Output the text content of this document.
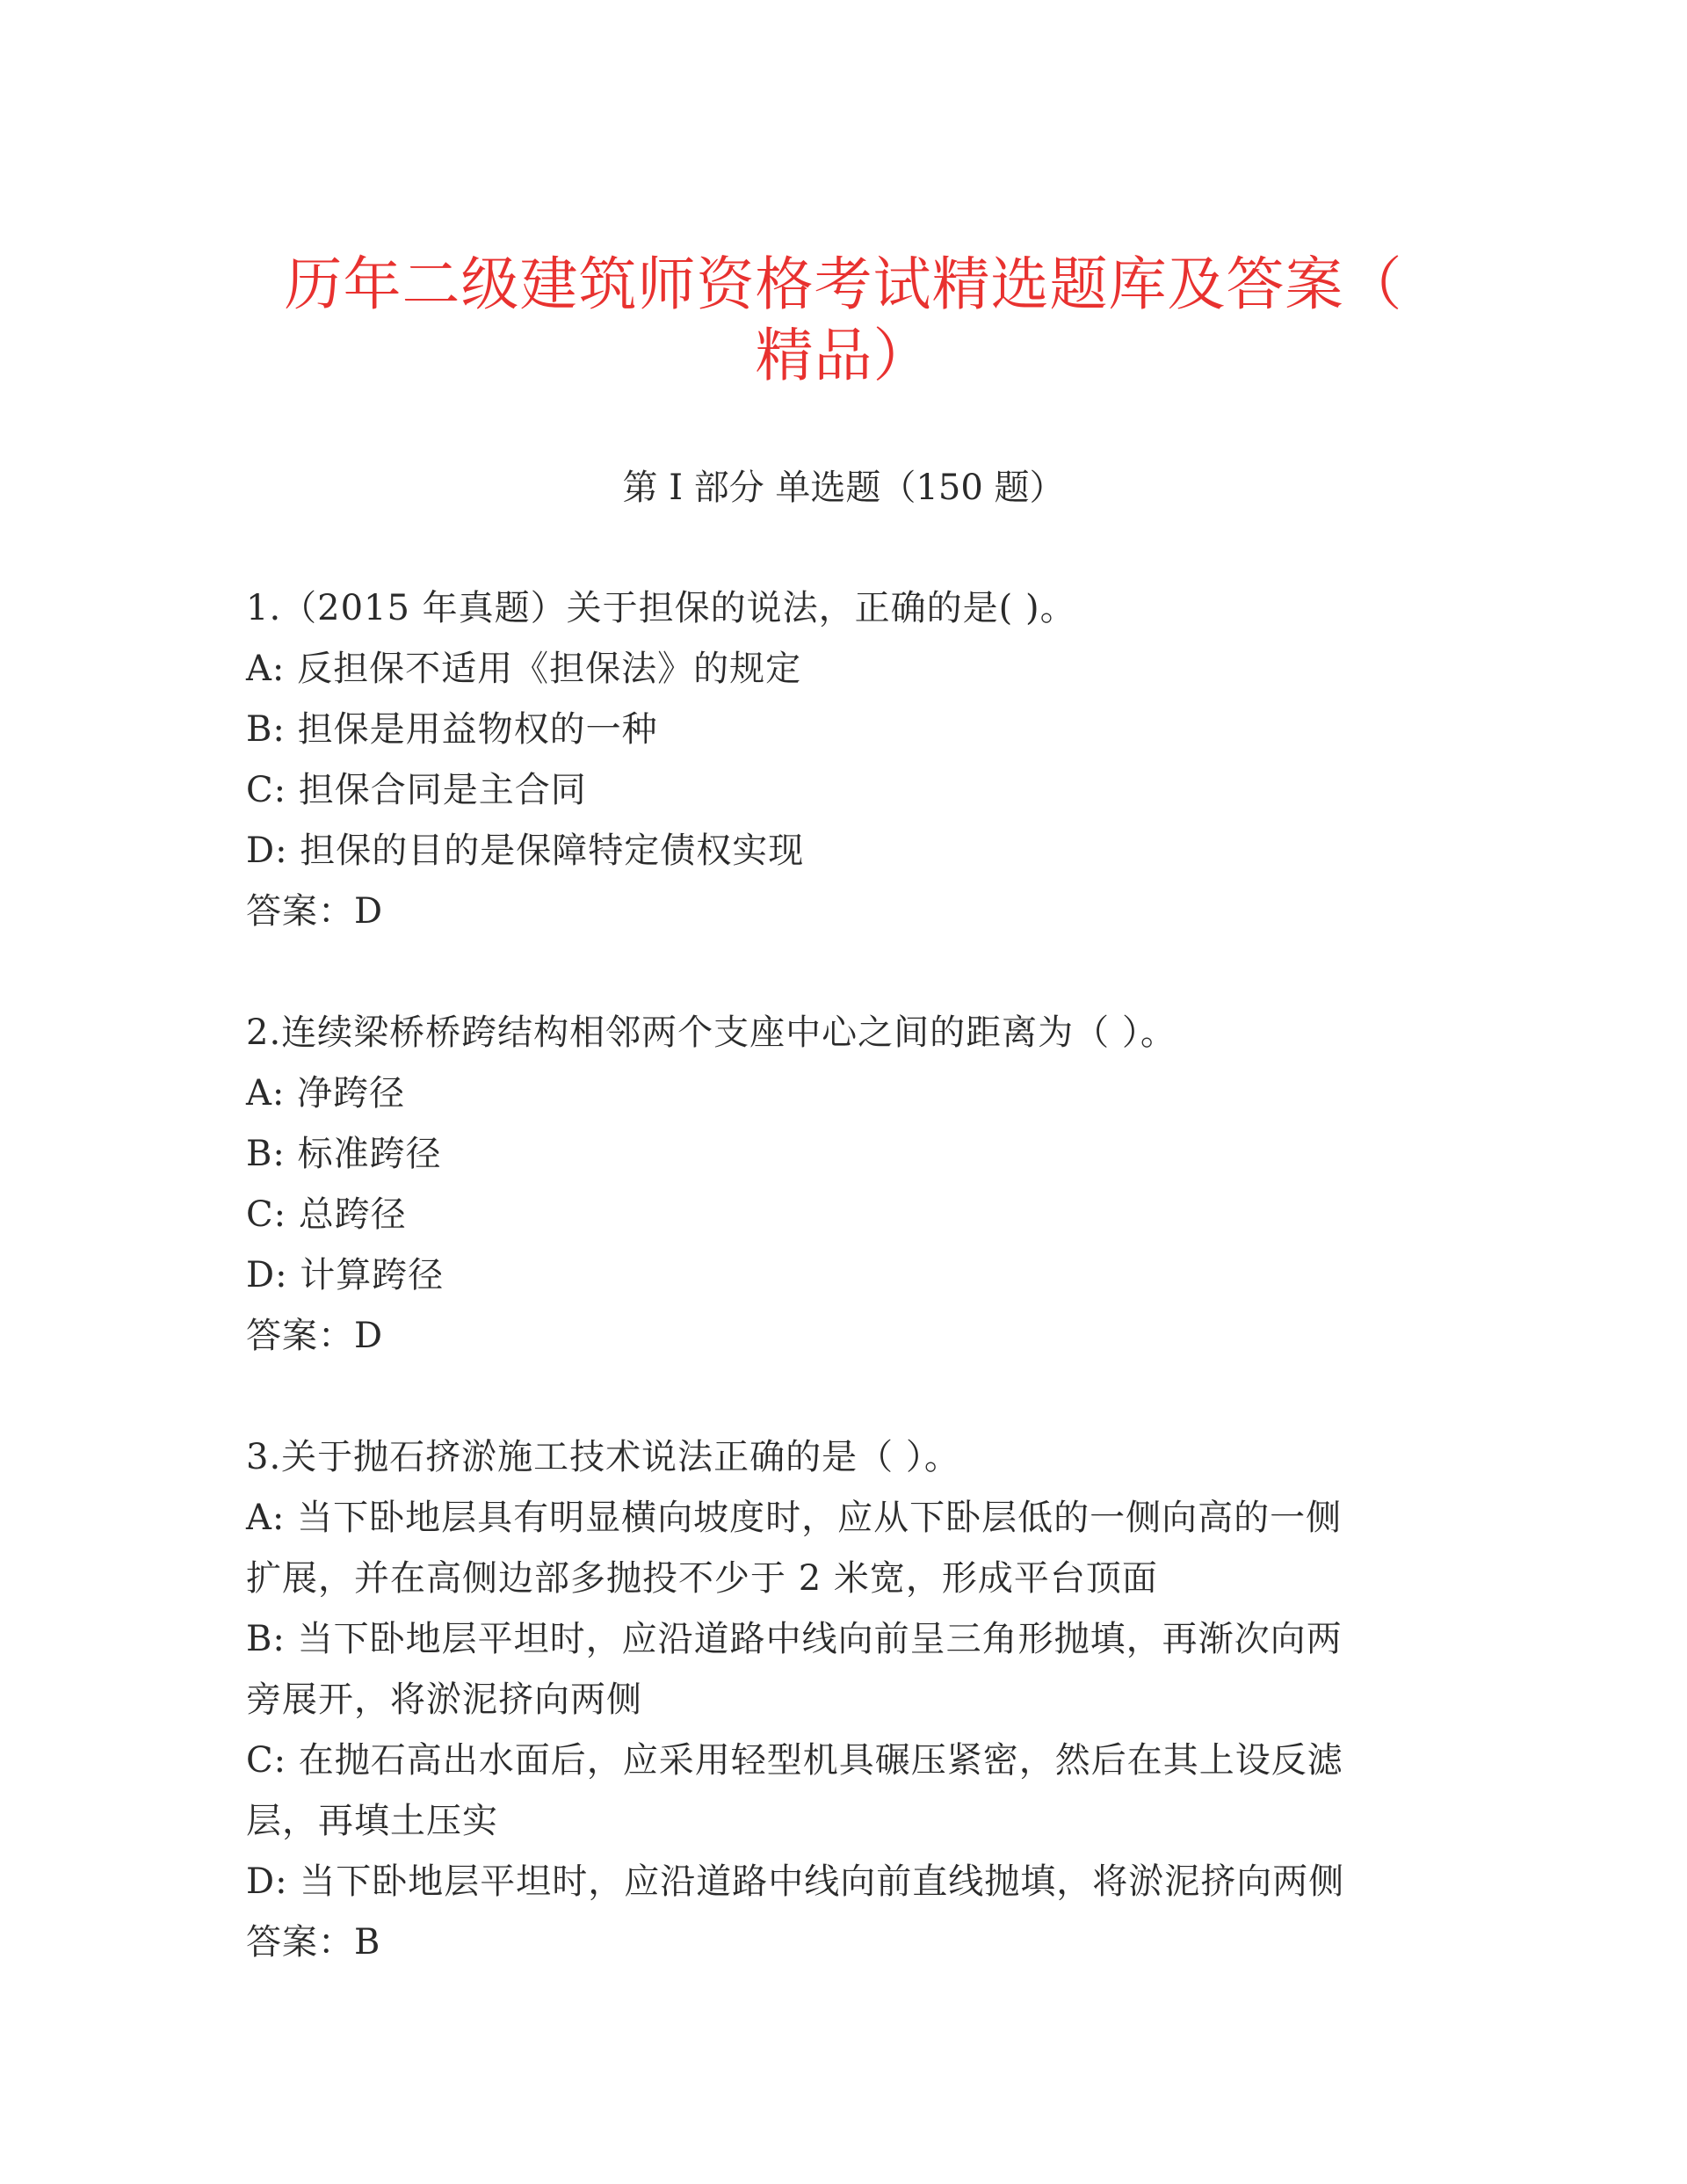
历年二级建筑师资格考试精选题库及答案（
精品）
第 I 部分 单选题（150 题）
1.（2015 年真题）关于担保的说法，正确的是( )。
A: 反担保不适用《担保法》的规定
B: 担保是用益物权的一种
C: 担保合同是主合同
D: 担保的目的是保障特定债权实现
答案：D
2.连续梁桥桥跨结构相邻两个支座中心之间的距离为（ ）。
A: 净跨径
B: 标准跨径
C: 总跨径
D: 计算跨径
答案：D
3.关于抛石挤淤施工技术说法正确的是（ ）。
A: 当下卧地层具有明显横向坡度时，应从下卧层低的一侧向高的一侧
扩展，并在高侧边部多抛投不少于 2 米宽，形成平台顶面
B: 当下卧地层平坦时，应沿道路中线向前呈三角形抛填，再渐次向两
旁展开，将淤泥挤向两侧
C: 在抛石高出水面后，应采用轻型机具碾压紧密，然后在其上设反滤
层，再填土压实
D: 当下卧地层平坦时，应沿道路中线向前直线抛填，将淤泥挤向两侧
答案：B
